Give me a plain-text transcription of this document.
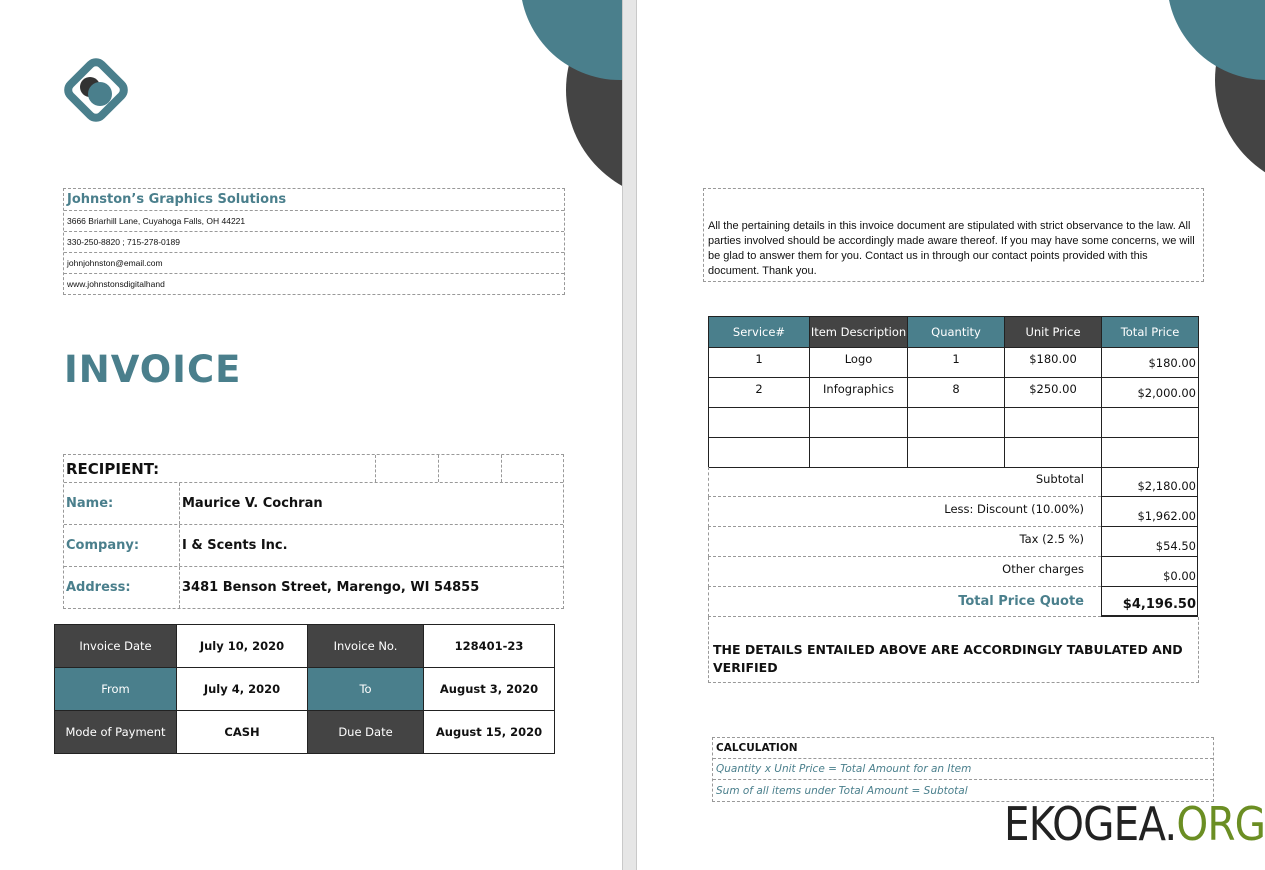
Johnston’s Graphics Solutions
3666 Briarhill Lane, Cuyahoga Falls, OH 44221
330-250-8820 ; 715-278-0189
johnjohnston@email.com
www.johnstonsdigitalhand
INVOICE
RECIPIENT:
Name:	Maurice V. Cochran
Company:	I & Scents Inc.
Address:	3481 Benson Street, Marengo, WI 54855
Invoice Date	July 10, 2020	Invoice No.	128401-23
From	July 4, 2020	To	August 3, 2020
Mode of Payment	CASH	Due Date	August 15, 2020
All the pertaining details in this invoice document are stipulated with strict observance to the law. All parties involved should be accordingly made aware thereof. If you may have some concerns, we will be glad to answer them for you. Contact us in through our contact points provided with this document. Thank you.
Service#	Item Description	Quantity	Unit Price	Total Price
1	Logo	1	$180.00	$180.00
2	Infographics	8	$250.00	$2,000.00

Subtotal	$2,180.00
Less: Discount (10.00%)	$1,962.00
Tax (2.5 %)	$54.50
Other charges	$0.00
Total Price Quote	$4,196.50
THE DETAILS ENTAILED ABOVE ARE ACCORDINGLY TABULATED AND VERIFIED
CALCULATION
Quantity x Unit Price = Total Amount for an Item
Sum of all items under Total Amount = Subtotal
EKOGEA.ORG
